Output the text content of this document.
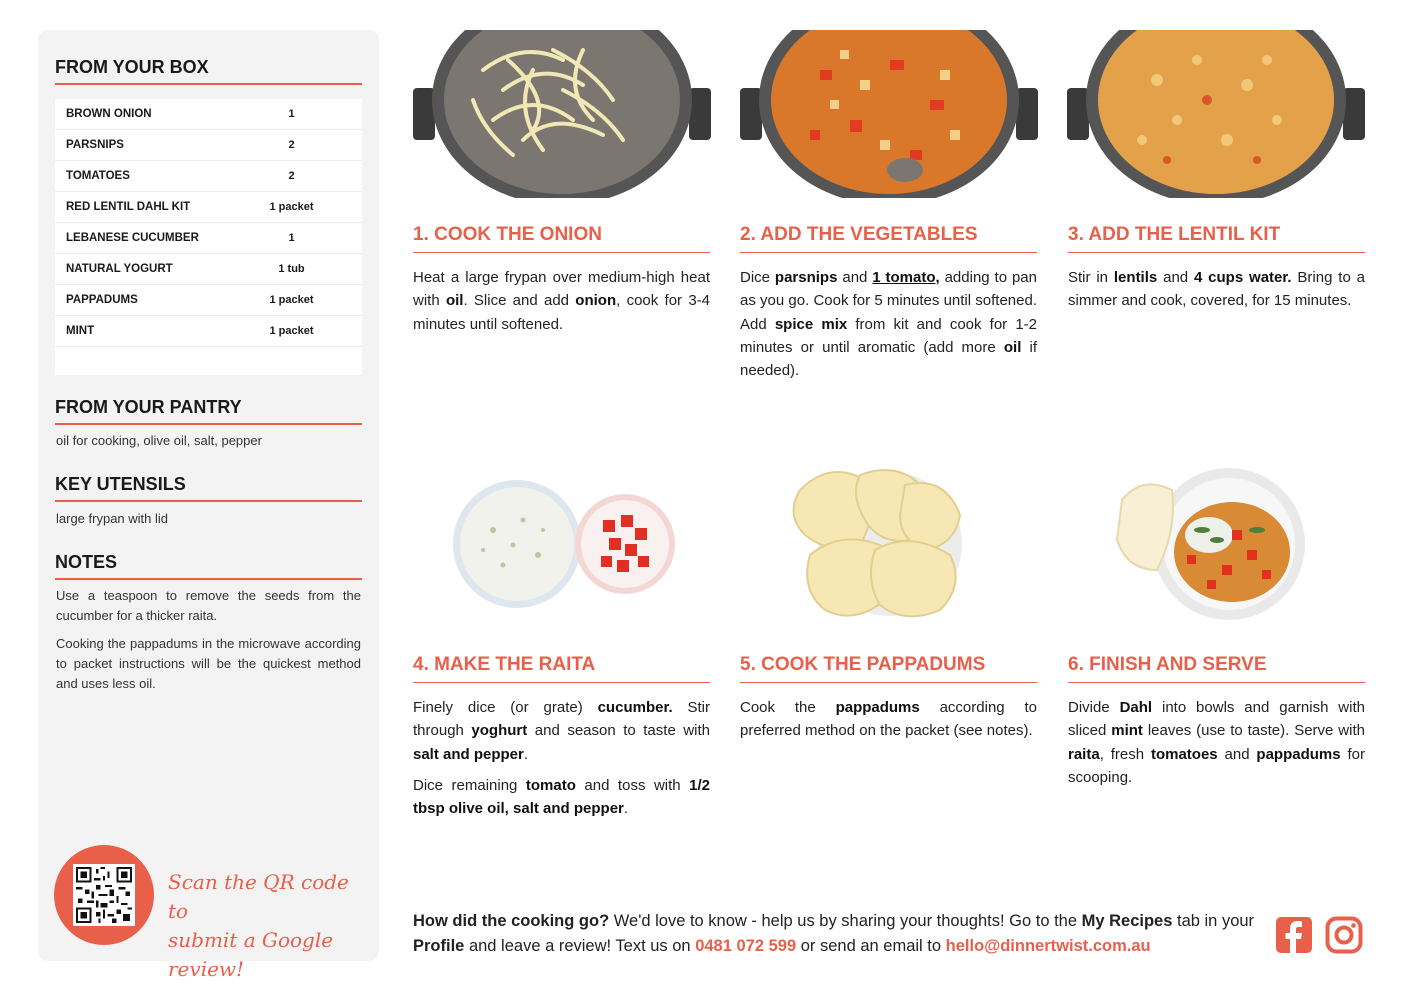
FROM YOUR BOX
BROWN ONION	1
PARSNIPS	2
TOMATOES	2
RED LENTIL DAHL KIT	1 packet
LEBANESE CUCUMBER	1
NATURAL YOGURT	1 tub
PAPPADUMS	1 packet
MINT	1 packet
FROM YOUR PANTRY
oil for cooking, olive oil, salt, pepper
KEY UTENSILS
large frypan with lid
NOTES

Use a teaspoon to remove the seeds from the cucumber for a thicker raita.

Cooking the pappadums in the microwave according to packet instructions will be the quickest method and uses less oil.

Scan the QR code to
submit a Google review!
1. COOK THE ONION

Heat a large frypan over medium-high heat with oil. Slice and add onion, cook for 3-4 minutes until softened.

2. ADD THE VEGETABLES

Dice parsnips and 1 tomato, adding to pan as you go. Cook for 5 minutes until softened. Add spice mix from kit and cook for 1-2 minutes or until aromatic (add more oil if needed).

3. ADD THE LENTIL KIT

Stir in lentils and 4 cups water. Bring to a simmer and cook, covered, for 15 minutes.

4. MAKE THE RAITA

Finely dice (or grate) cucumber. Stir through yoghurt and season to taste with salt and pepper.

Dice remaining tomato and toss with 1/2 tbsp olive oil, salt and pepper.

5. COOK THE PAPPADUMS

Cook the pappadums according to preferred method on the packet (see notes).

6. FINISH AND SERVE

Divide Dahl into bowls and garnish with sliced mint leaves (use to taste). Serve with raita, fresh tomatoes and pappadums for scooping.

How did the cooking go? We'd love to know - help us by sharing your thoughts! Go to the My Recipes tab in your Profile and leave a review! Text us on 0481 072 599 or send an email to hello@dinnertwist.com.au
